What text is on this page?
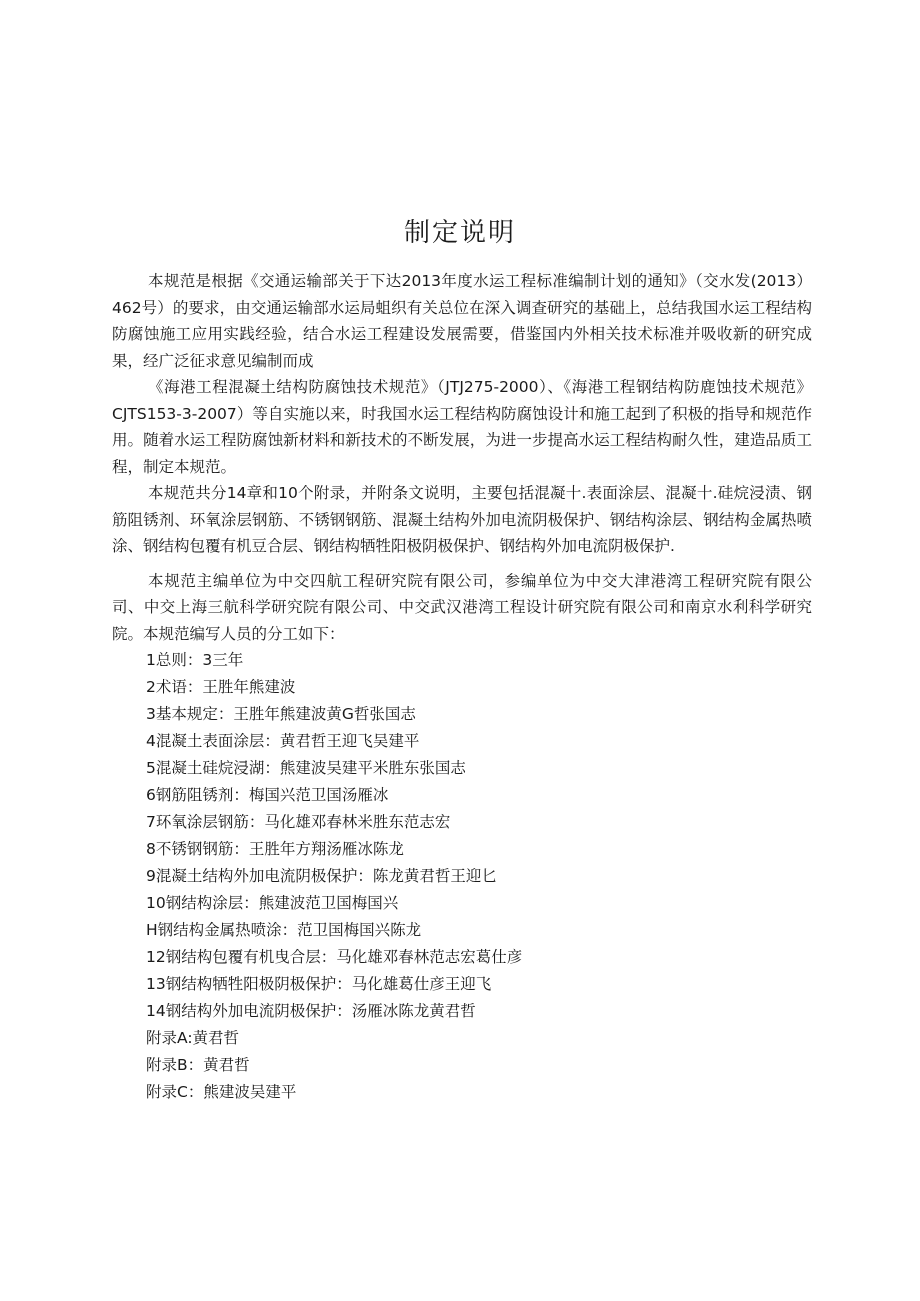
制定说明

本规范是根据《交通运输部关于下达2013年度水运工程标准编制计划的通知》（交水发(2013）462号）的要求，由交通运输部水运局蛆织有关总位在深入调查研究的基础上，总结我国水运工程结构防腐蚀施工应用实践经验，结合水运工程建设发展需要，借鉴国内外相关技术标准并吸收新的研究成果，经广泛征求意见编制而成

《海港工程混凝土结构防腐蚀技术规范》（JTJ275-2000）、《海港工程钢结构防鹿蚀技术规范》CJTS153-3-2007）等自实施以来，时我国水运工程结构防腐蚀设计和施工起到了积极的指导和规范作用。随着水运工程防腐蚀新材料和新技术的不断发展，为进一步提高水运工程结构耐久性，建造品质工程，制定本规范。

本规范共分14章和10个附录，并附条文说明，主要包括混凝十.表面涂层、混凝十.硅烷浸渍、钢筋阻锈剂、环氧涂层钢筋、不锈钢钢筋、混凝土结构外加电流阴极保护、钢结构涂层、钢结构金属热喷涂、钢结构包覆有机豆合层、钢结构牺牲阳极阴极保护、钢结构外加电流阴极保护.

本规范主编单位为中交四航工程研究院有限公司，参编单位为中交大津港湾工程研究院有限公司、中交上海三航科学研究院有限公司、中交武汉港湾工程设计研究院有限公司和南京水利科学研究院。本规范编写人员的分工如下：

1总则：3三年
2术语：王胜年熊建波
3基本规定：王胜年熊建波黄G哲张国志
4混凝土表面涂层：黄君哲王迎飞吴建平
5混凝土硅烷浸湖：熊建波吴建平米胜东张国志
6钢筋阻锈剂：梅国兴范卫国汤雁冰
7环氧涂层钢筋：马化雄邓春林米胜东范志宏
8不锈钢钢筋：王胜年方翔汤雁冰陈龙
9混凝土结构外加电流阴极保护：陈龙黄君哲王迎匕
10钢结构涂层：熊建波范卫国梅国兴
H钢结构金属热喷涂：范卫国梅国兴陈龙
12钢结构包覆有机曳合层：马化雄邓春林范志宏葛仕彦
13钢结构牺牲阳极阴极保护：马化雄葛仕彦王迎飞
14钢结构外加电流阴极保护：汤雁冰陈龙黄君哲
附录A:黄君哲
附录B：黄君哲
附录C：熊建波吴建平
